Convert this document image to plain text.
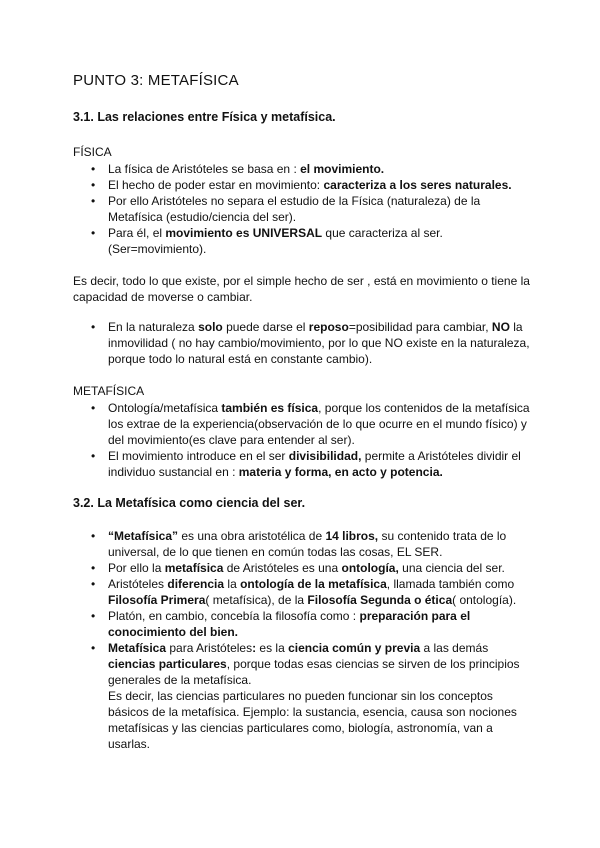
PUNTO 3: METAFÍSICA
3.1. Las relaciones entre Física y metafísica.

FÍSICA

• La física de Aristóteles se basa en : el movimiento.
• El hecho de poder estar en movimiento: caracteriza a los seres naturales.
• Por ello Aristóteles no separa el estudio de la Física (naturaleza) de la Metafísica (estudio/ciencia del ser).
• Para él, el movimiento es UNIVERSAL que caracteriza al ser. (Ser=movimiento).

Es decir, todo lo que existe, por el simple hecho de ser , está en movimiento o tiene la capacidad de moverse o cambiar.

• En la naturaleza solo puede darse el reposo=posibilidad para cambiar, NO la inmovilidad ( no hay cambio/movimiento, por lo que NO existe en la naturaleza, porque todo lo natural está en constante cambio).

METAFÍSICA

• Ontología/metafísica también es física, porque los contenidos de la metafísica los extrae de la experiencia(observación de lo que ocurre en el mundo físico) y del movimiento(es clave para entender al ser).
• El movimiento introduce en el ser divisibilidad, permite a Aristóteles dividir el individuo sustancial en : materia y forma, en acto y potencia.
3.2. La Metafísica como ciencia del ser.
• “Metafísica” es una obra aristotélica de 14 libros, su contenido trata de lo universal, de lo que tienen en común todas las cosas, EL SER.
• Por ello la metafísica de Aristóteles es una ontología, una ciencia del ser.
• Aristóteles diferencia la ontología de la metafísica, llamada también como Filosofía Primera( metafísica), de la Filosofía Segunda o ética( ontología).
• Platón, en cambio, concebía la filosofía como : preparación para el conocimiento del bien.
• Metafísica para Aristóteles: es la ciencia común y previa a las demás ciencias particulares, porque todas esas ciencias se sirven de los principios generales de la metafísica.
Es decir, las ciencias particulares no pueden funcionar sin los conceptos básicos de la metafísica. Ejemplo: la sustancia, esencia, causa son nociones metafísicas y las ciencias particulares como, biología, astronomía, van a usarlas.
